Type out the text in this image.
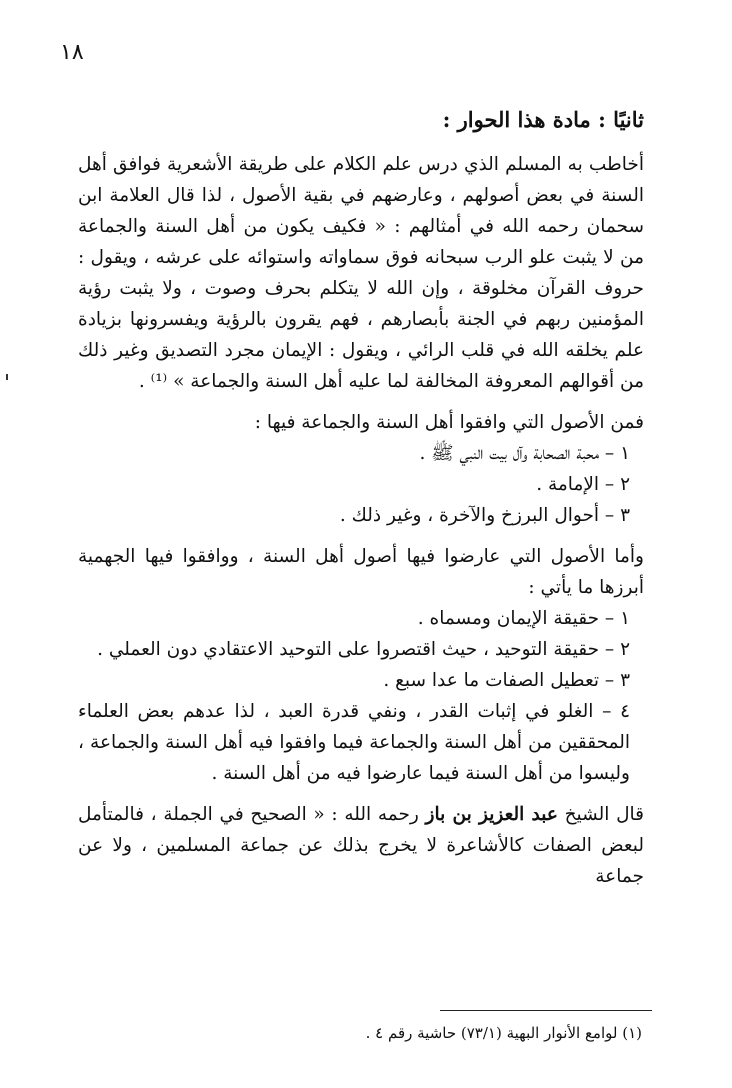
١٨

ثانيًا : مادة هذا الحوار :

أخاطب به المسلم الذي درس علم الكلام على طريقة الأشعرية فوافق أهل السنة في بعض أصولهم ، وعارضهم في بقية الأصول ، لذا قال العلامة ابن سحمان رحمه الله في أمثالهم : « فكيف يكون من أهل السنة والجماعة من لا يثبت علو الرب سبحانه فوق سماواته واستوائه على عرشه ، ويقول : حروف القرآن مخلوقة ، وإن الله لا يتكلم بحرف وصوت ، ولا يثبت رؤية المؤمنين ربهم في الجنة بأبصارهم ، فهم يقرون بالرؤية ويفسرونها بزيادة علم يخلقه الله في قلب الرائي ، ويقول : الإيمان مجرد التصديق وغير ذلك من أقوالهم المعروفة المخالفة لما عليه أهل السنة والجماعة » ⁽¹⁾ .

فمن الأصول التي وافقوا أهل السنة والجماعة فيها :

١ – محبة الصحابة وآل بيت النبي ﷺ .

٢ – الإمامة .

٣ – أحوال البرزخ والآخرة ، وغير ذلك .

وأما الأصول التي عارضوا فيها أصول أهل السنة ، ووافقوا فيها الجهمية أبرزها ما يأتي :

١ – حقيقة الإيمان ومسماه .

٢ – حقيقة التوحيد ، حيث اقتصروا على التوحيد الاعتقادي دون العملي .

٣ – تعطيل الصفات ما عدا سبع .

٤ – الغلو في إثبات القدر ، ونفي قدرة العبد ، لذا عدهم بعض العلماء المحققين من أهل السنة والجماعة فيما وافقوا فيه أهل السنة والجماعة ، وليسوا من أهل السنة فيما عارضوا فيه من أهل السنة .

قال الشيخ عبد العزيز بن باز رحمه الله : « الصحيح في الجملة ، فالمتأمل لبعض الصفات كالأشاعرة لا يخرج بذلك عن جماعة المسلمين ، ولا عن جماعة

(١) لوامع الأنوار البهية (٧٣/١) حاشية رقم ٤ .
